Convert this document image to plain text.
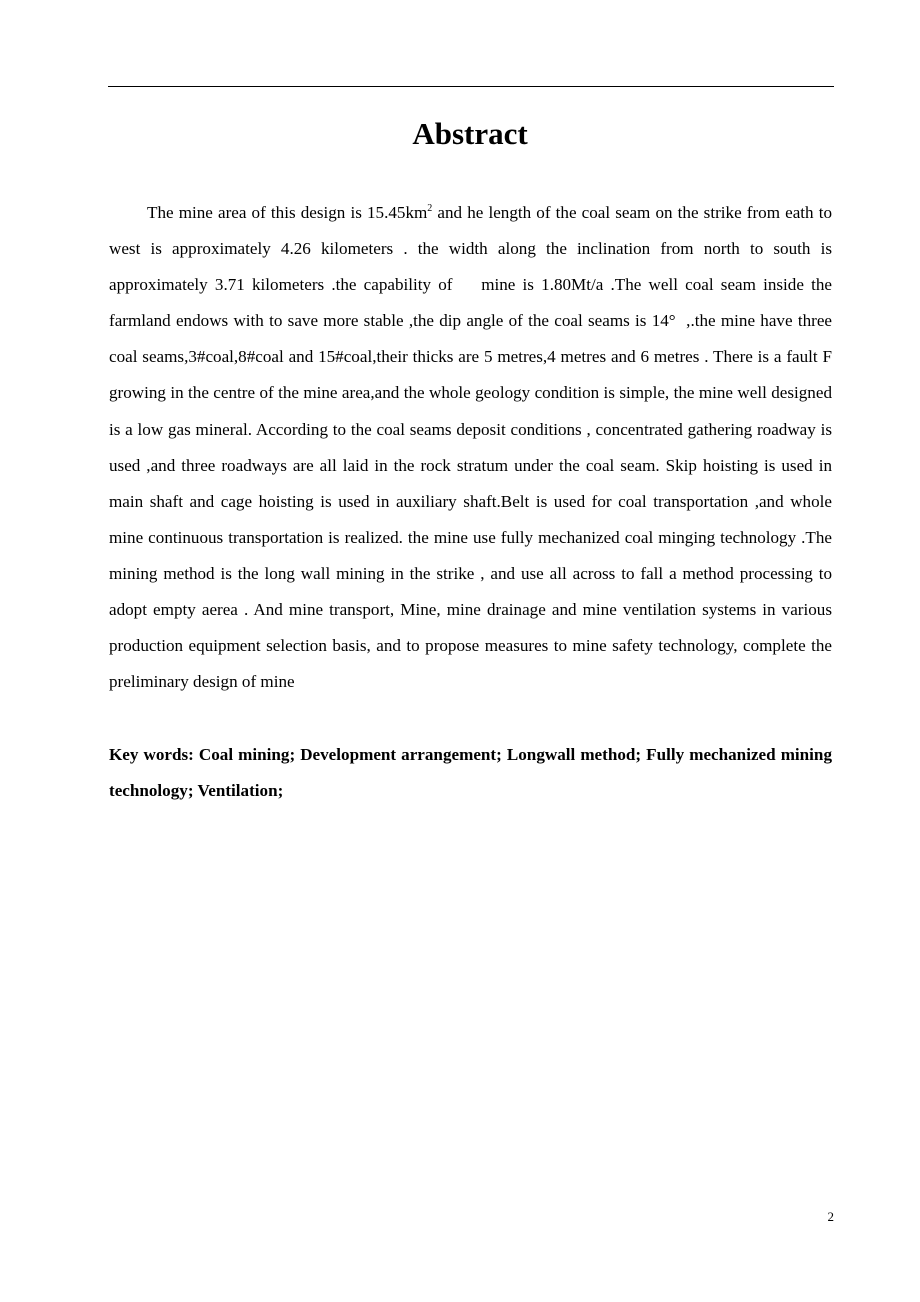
Abstract

The mine area of this design is $15.45km^2$ and he length of the coal seam on the strike from eath to west is approximately 4.26 kilometers . the width along the inclination from north to south is approximately 3.71 kilometers .the capability of    mine is 1.80Mt/a .The well coal seam inside the farmland endows with to save more stable ,the dip angle of the coal seams is 14°  ,.the mine have three coal seams,3#coal,8#coal and 15#coal,their thicks are 5 metres,4 metres and 6 metres . There is a fault F growing in the centre of the mine area,and the whole geology condition is simple, the mine well designed is a low gas mineral. According to the coal seams deposit conditions , concentrated gathering roadway is used ,and three roadways are all laid in the rock stratum under the coal seam. Skip hoisting is used in main shaft and cage hoisting is used in auxiliary shaft.Belt is used for coal transportation ,and whole mine continuous transportation is realized. the mine use fully mechanized coal minging technology .The mining method is the long wall mining in the strike , and use all across to fall a method processing to adopt empty aerea . And mine transport, Mine, mine drainage and mine ventilation systems in various production equipment selection basis, and to propose measures to mine safety technology, complete the preliminary design of mine

Key words: Coal mining; Development arrangement; Longwall method; Fully mechanized mining technology; Ventilation;

2
